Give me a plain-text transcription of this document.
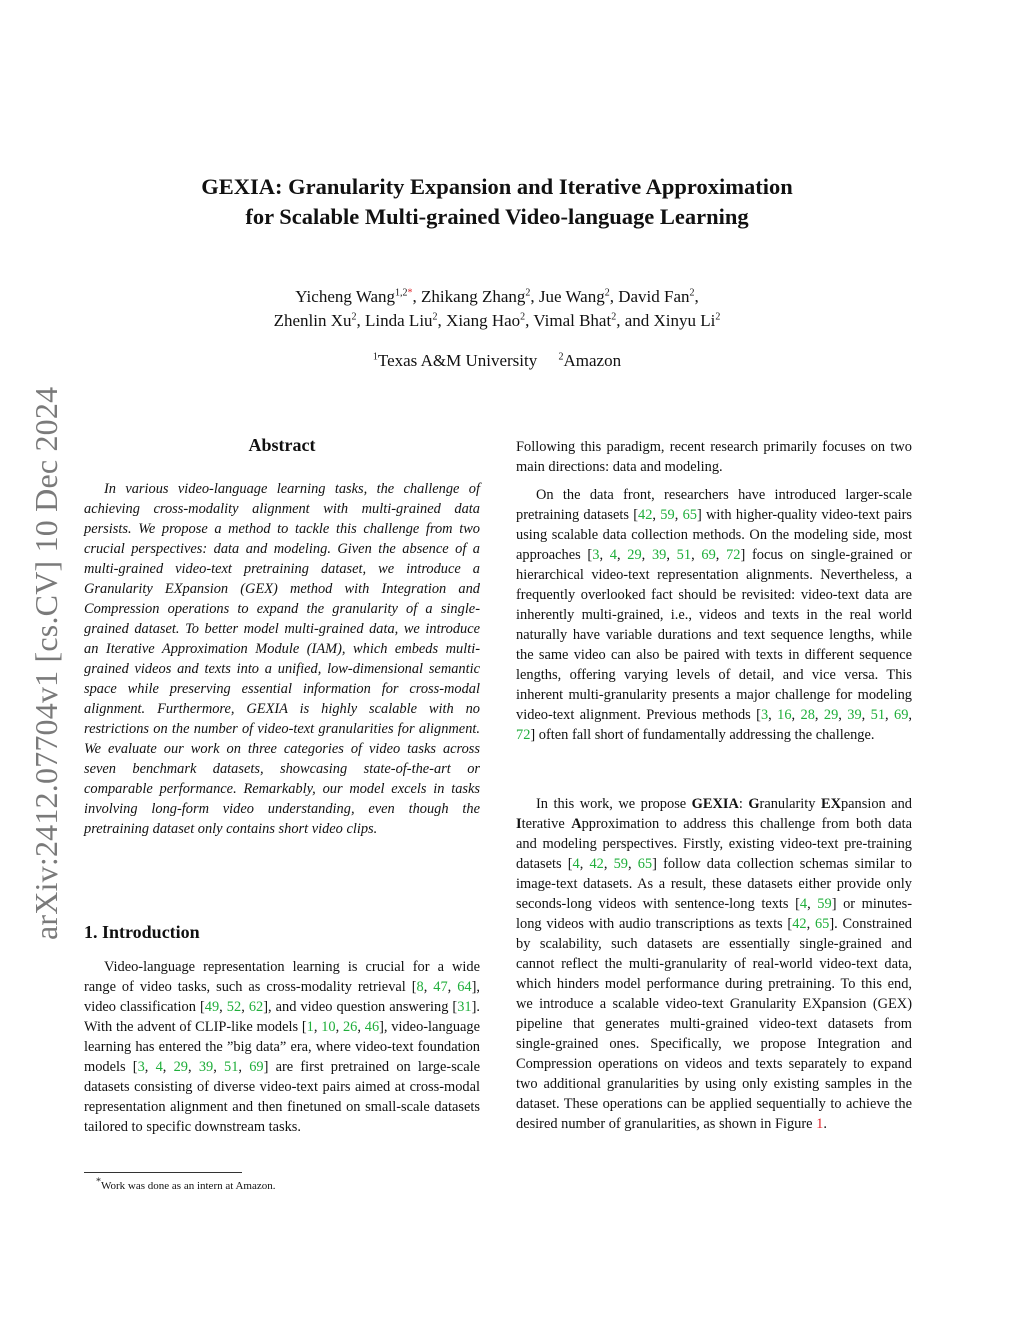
arXiv:2412.07704v1 [cs.CV] 10 Dec 2024
GEXIA: Granularity Expansion and Iterative Approximation
for Scalable Multi-grained Video-language Learning
Yicheng Wang$^{1,2*}$, Zhikang Zhang$^2$, Jue Wang$^2$, David Fan$^2$,
Zhenlin Xu$^2$, Linda Liu$^2$, Xiang Hao$^2$, Vimal Bhat$^2$, and Xinyu Li$^2$
$^1$Texas A&M University $^2$Amazon
Abstract
In various video-language learning tasks, the challenge of achieving cross-modality alignment with multi-grained data persists. We propose a method to tackle this challenge from two crucial perspectives: data and modeling. Given the absence of a multi-grained video-text pretraining dataset, we introduce a Granularity EXpansion (GEX) method with Integration and Compression operations to expand the granularity of a single-grained dataset. To better model multi-grained data, we introduce an Iterative Approximation Module (IAM), which embeds multi-grained videos and texts into a unified, low-dimensional semantic space while preserving essential information for cross-modal alignment. Furthermore, GEXIA is highly scalable with no restrictions on the number of video-text granularities for alignment. We evaluate our work on three categories of video tasks across seven benchmark datasets, showcasing state-of-the-art or comparable performance. Remarkably, our model excels in tasks involving long-form video understanding, even though the pretraining dataset only contains short video clips.
1. Introduction
Video-language representation learning is crucial for a wide range of video tasks, such as cross-modality retrieval [8, 47, 64], video classification [49, 52, 62], and video question answering [31]. With the advent of CLIP-like models [1, 10, 26, 46], video-language learning has entered the ”big data” era, where video-text foundation models [3, 4, 29, 39, 51, 69] are first pretrained on large-scale datasets consisting of diverse video-text pairs aimed at cross-modal representation alignment and then finetuned on small-scale datasets tailored to specific downstream tasks.
*Work was done as an intern at Amazon.
Following this paradigm, recent research primarily focuses on two main directions: data and modeling.
On the data front, researchers have introduced larger-scale pretraining datasets [42, 59, 65] with higher-quality video-text pairs using scalable data collection methods. On the modeling side, most approaches [3, 4, 29, 39, 51, 69, 72] focus on single-grained or hierarchical video-text representation alignments. Nevertheless, a frequently overlooked fact should be revisited: video-text data are inherently multi-grained, i.e., videos and texts in the real world naturally have variable durations and text sequence lengths, while the same video can also be paired with texts in different sequence lengths, offering varying levels of detail, and vice versa. This inherent multi-granularity presents a major challenge for modeling video-text alignment. Previous methods [3, 16, 28, 29, 39, 51, 69, 72] often fall short of fundamentally addressing the challenge.
In this work, we propose GEXIA: Granularity EXpansion and Iterative Approximation to address this challenge from both data and modeling perspectives. Firstly, existing video-text pre-training datasets [4, 42, 59, 65] follow data collection schemas similar to image-text datasets. As a result, these datasets either provide only seconds-long videos with sentence-long texts [4, 59] or minutes-long videos with audio transcriptions as texts [42, 65]. Constrained by scalability, such datasets are essentially single-grained and cannot reflect the multi-granularity of real-world video-text data, which hinders model performance during pretraining. To this end, we introduce a scalable video-text Granularity EXpansion (GEX) pipeline that generates multi-grained video-text datasets from single-grained ones. Specifically, we propose Integration and Compression operations on videos and texts separately to expand two additional granularities by using only existing samples in the dataset. These operations can be applied sequentially to achieve the desired number of granularities, as shown in Figure 1.
